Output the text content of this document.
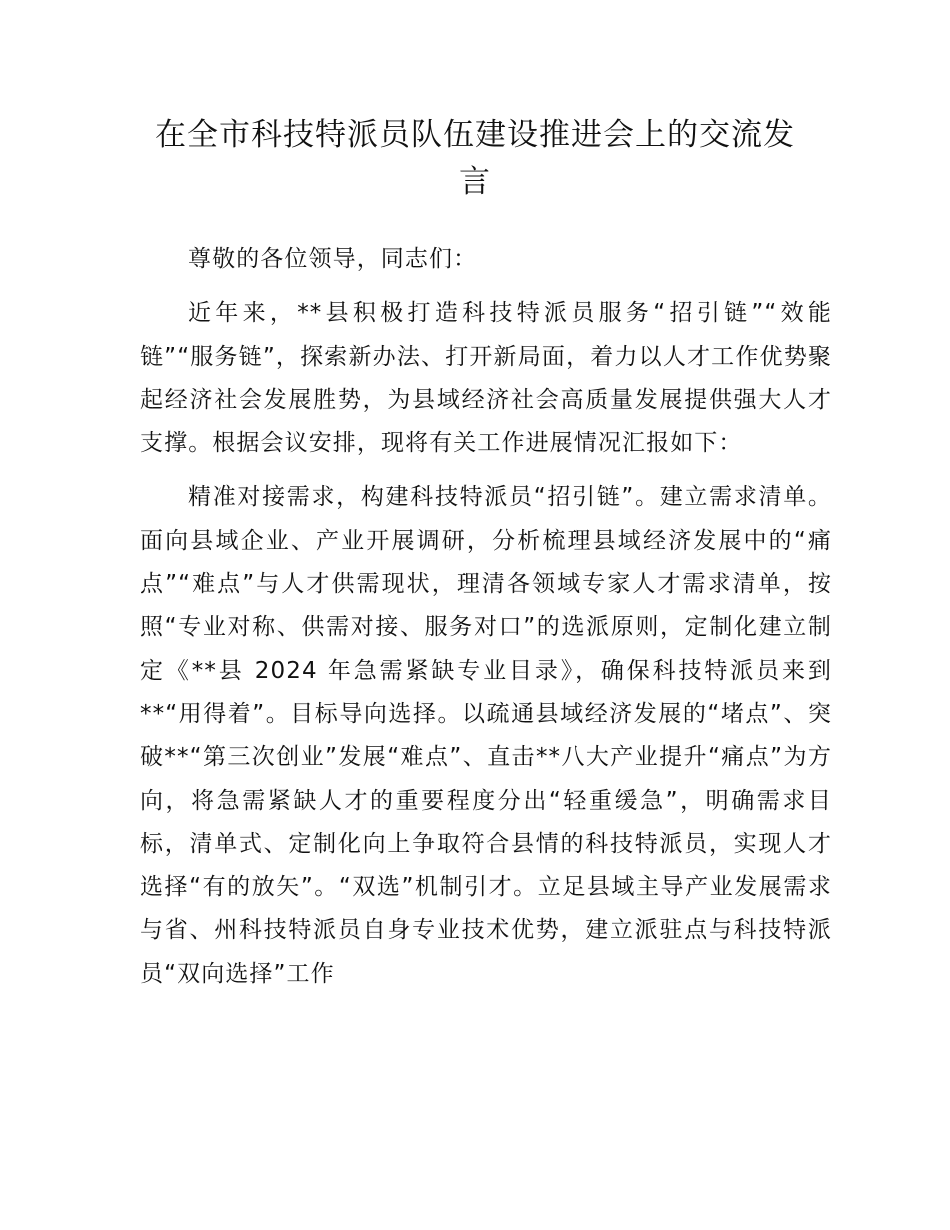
在全市科技特派员队伍建设推进会上的交流发言

尊敬的各位领导，同志们：

近年来，**县积极打造科技特派员服务“招引链”“效能链”“服务链”，探索新办法、打开新局面，着力以人才工作优势聚起经济社会发展胜势，为县域经济社会高质量发展提供强大人才支撑。根据会议安排，现将有关工作进展情况汇报如下：

精准对接需求，构建科技特派员“招引链”。建立需求清单。面向县域企业、产业开展调研，分析梳理县域经济发展中的“痛点”“难点”与人才供需现状，理清各领域专家人才需求清单，按照“专业对称、供需对接、服务对口”的选派原则，定制化建立制定《**县 2024 年急需紧缺专业目录》，确保科技特派员来到**“用得着”。目标导向选择。以疏通县域经济发展的“堵点”、突破**“第三次创业”发展“难点”、直击**八大产业提升“痛点”为方向，将急需紧缺人才的重要程度分出“轻重缓急”，明确需求目标，清单式、定制化向上争取符合县情的科技特派员，实现人才选择“有的放矢”。“双选”机制引才。立足县域主导产业发展需求与省、州科技特派员自身专业技术优势，建立派驻点与科技特派员“双向选择”工作
